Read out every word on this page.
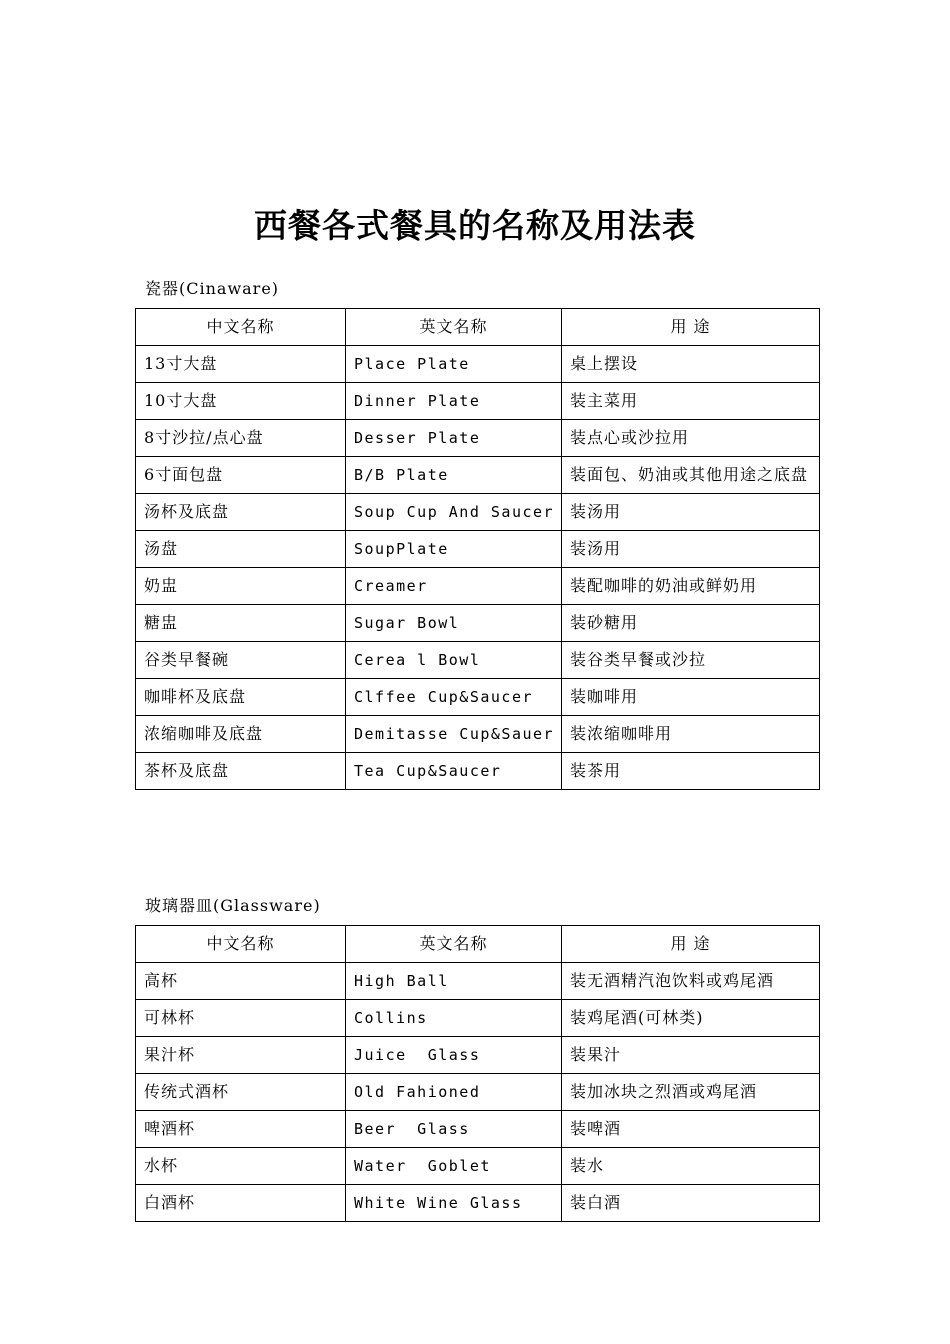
西餐各式餐具的名称及用法表
瓷器(Cinaware)
中文名称	英文名称	用 途
13寸大盘	Place Plate	桌上摆设
10寸大盘	Dinner Plate	装主菜用
8寸沙拉/点心盘	Desser Plate	装点心或沙拉用
6寸面包盘	B/B Plate	装面包、奶油或其他用途之底盘
汤杯及底盘	Soup Cup And Saucer	装汤用
汤盘	SoupPlate	装汤用
奶盅	Creamer	装配咖啡的奶油或鲜奶用
糖盅	Sugar Bowl	装砂糖用
谷类早餐碗	Cerea l Bowl	装谷类早餐或沙拉
咖啡杯及底盘	Clffee Cup&Saucer	装咖啡用
浓缩咖啡及底盘	Demitasse Cup&Sauer	装浓缩咖啡用
茶杯及底盘	Tea Cup&Saucer	装茶用
玻璃器皿(Glassware)
中文名称	英文名称	用 途
高杯	High Ball	装无酒精汽泡饮料或鸡尾酒
可林杯	Collins	装鸡尾酒(可林类)
果汁杯	Juice  Glass	装果汁
传统式酒杯	Old Fahioned	装加冰块之烈酒或鸡尾酒
啤酒杯	Beer  Glass	装啤酒
水杯	Water  Goblet	装水
白酒杯	White Wine Glass	装白酒
